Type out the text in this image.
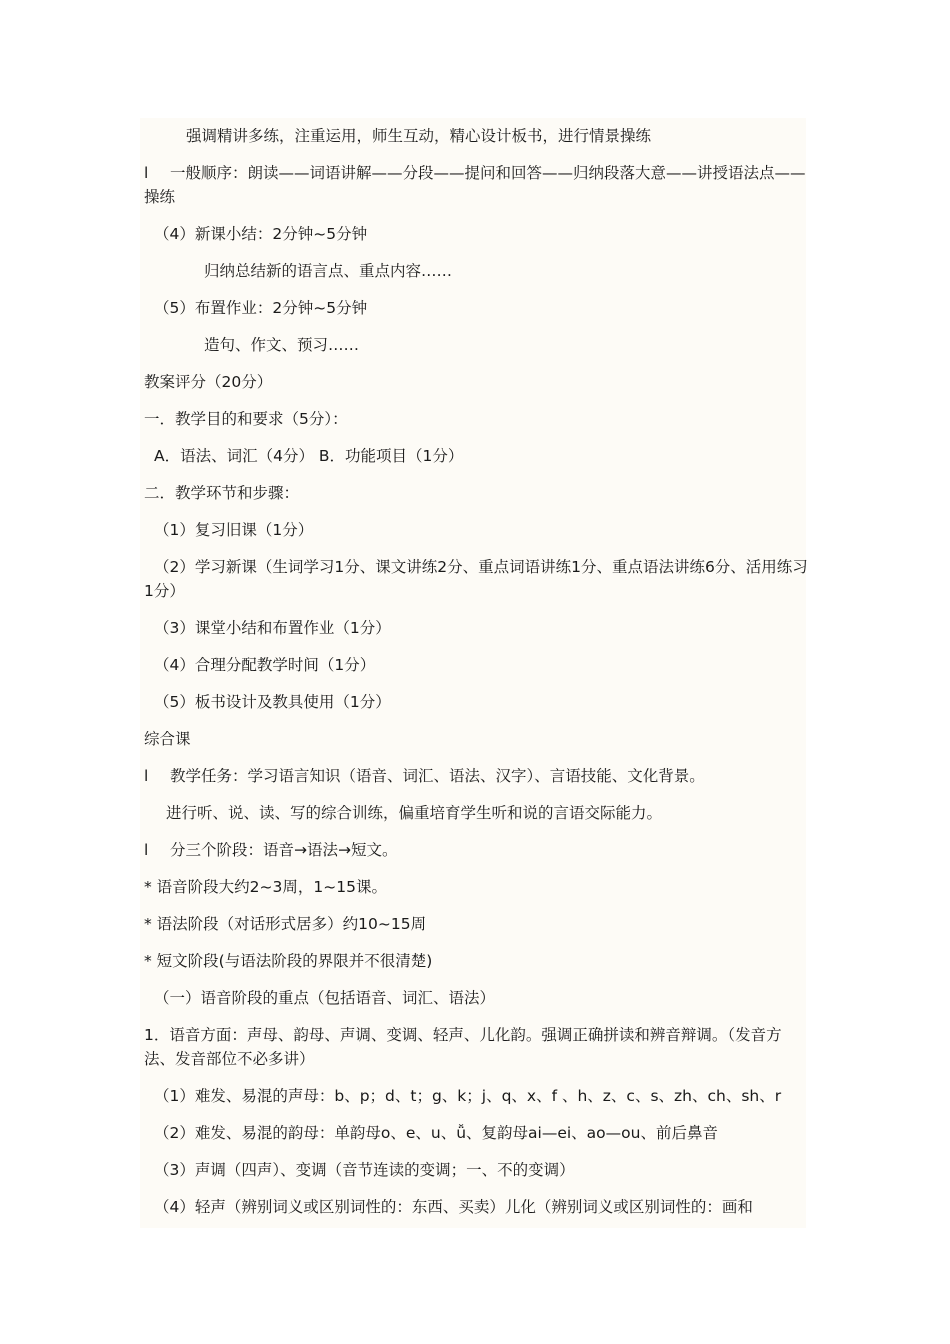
强调精讲多练，注重运用，师生互动，精心设计板书，进行情景操练

l 一般顺序：朗读——词语讲解——分段——提问和回答——归纳段落大意——讲授语法点——操练

（4）新课小结：2分钟~5分钟

归纳总结新的语言点、重点内容……

（5）布置作业：2分钟~5分钟

造句、作文、预习……

教案评分（20分）

一．教学目的和要求（5分）：

A．语法、词汇（4分） B．功能项目（1分）

二．教学环节和步骤：

（1）复习旧课（1分）

（2）学习新课（生词学习1分、课文讲练2分、重点词语讲练1分、重点语法讲练6分、活用练习1分）

（3）课堂小结和布置作业（1分）

（4）合理分配教学时间（1分）

（5）板书设计及教具使用（1分）

综合课

l 教学任务：学习语言知识（语音、词汇、语法、汉字）、言语技能、文化背景。

进行听、说、读、写的综合训练，偏重培育学生听和说的言语交际能力。

l 分三个阶段：语音→语法→短文。

* 语音阶段大约2~3周，1~15课。

* 语法阶段（对话形式居多）约10~15周

* 短文阶段(与语法阶段的界限并不很清楚)

（一）语音阶段的重点（包括语音、词汇、语法）

1．语音方面：声母、韵母、声调、变调、轻声、儿化韵。强调正确拼读和辨音辩调。（发音方法、发音部位不必多讲）

（1）难发、易混的声母：b、p；d、t；g、k；j、q、x、f 、h、z、c、s、zh、ch、sh、r

（2）难发、易混的韵母：单韵母o、e、u、ǚ、复韵母ai—ei、ao—ou、前后鼻音

（3）声调（四声）、变调（音节连读的变调；一、不的变调）

（4）轻声（辨别词义或区别词性的：东西、买卖）儿化（辨别词义或区别词性的：画和
